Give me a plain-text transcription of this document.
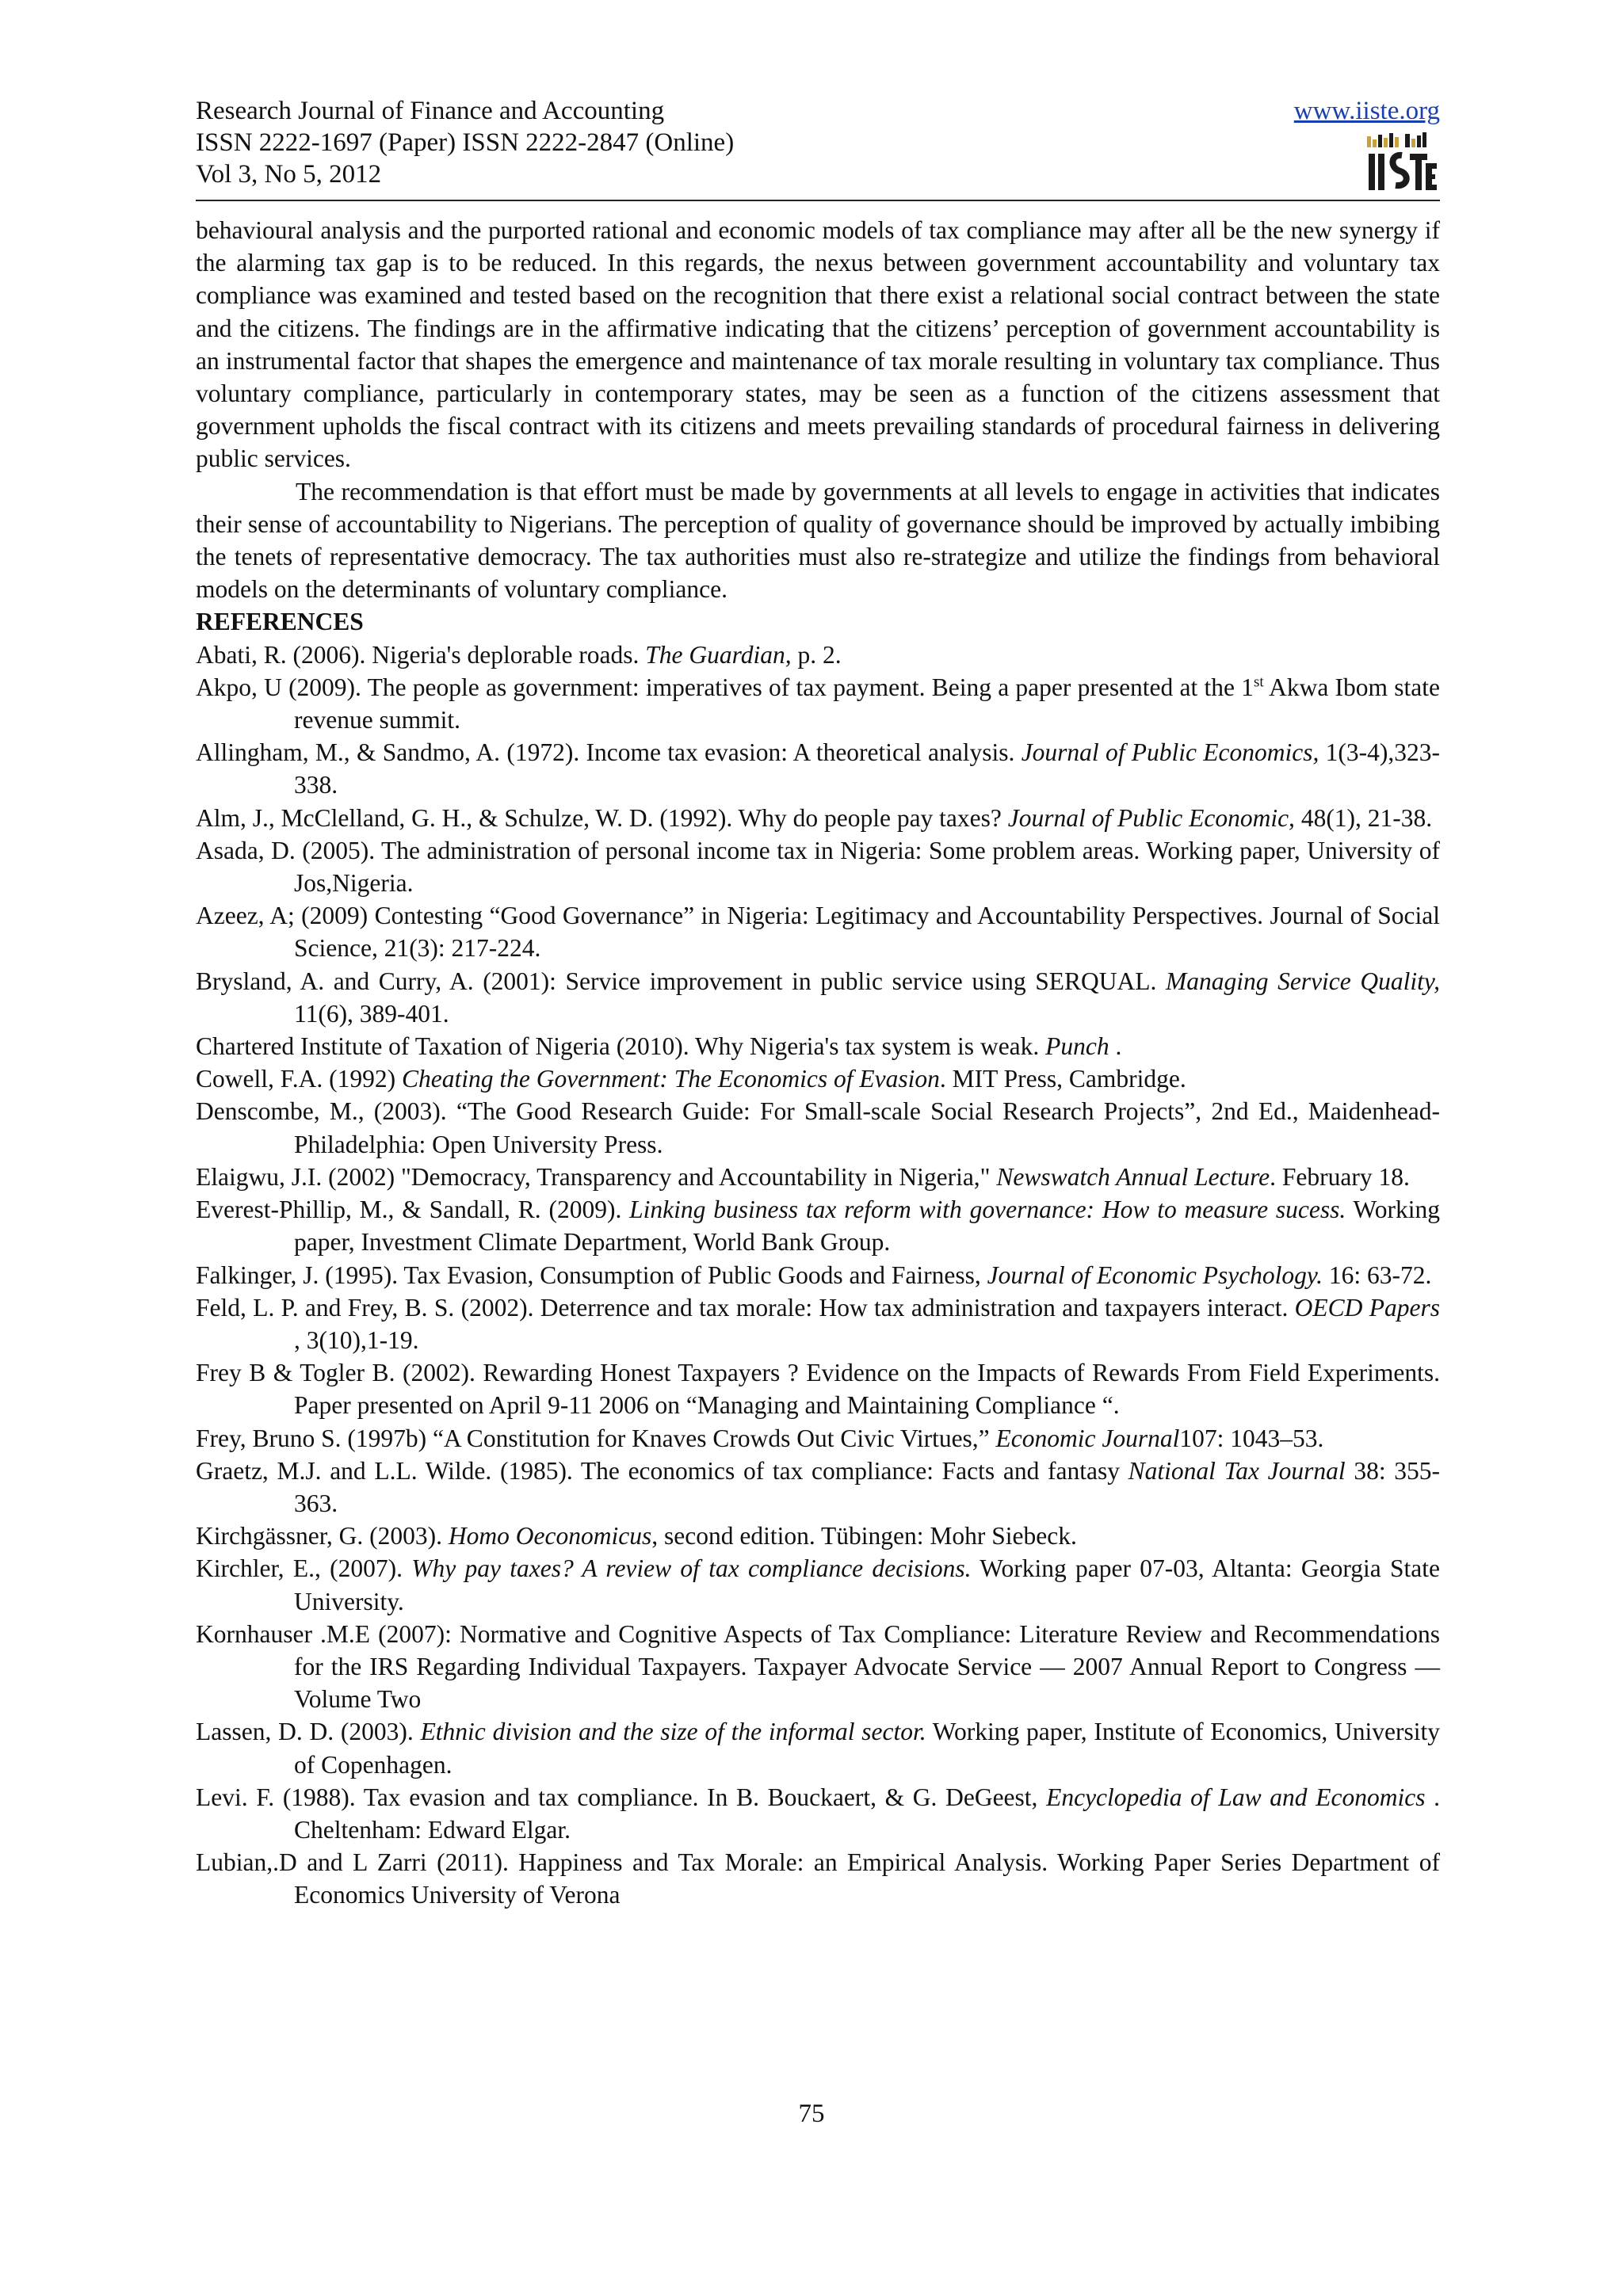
Research Journal of Finance and Accounting
ISSN 2222-1697 (Paper) ISSN 2222-2847 (Online)
Vol 3, No 5, 2012
www.iiste.org

behavioural analysis and the purported rational and economic models of tax compliance may after all be the new synergy if the alarming tax gap is to be reduced. In this regards, the nexus between government accountability and voluntary tax compliance was examined and tested based on the recognition that there exist a relational social contract between the state and the citizens. The findings are in the affirmative indicating that the citizens’ perception of government accountability is an instrumental factor that shapes the emergence and maintenance of tax morale resulting in voluntary tax compliance. Thus voluntary compliance, particularly in contemporary states, may be seen as a function of the citizens assessment that government upholds the fiscal contract with its citizens and meets prevailing standards of procedural fairness in delivering public services.

The recommendation is that effort must be made by governments at all levels to engage in activities that indicates their sense of accountability to Nigerians. The perception of quality of governance should be improved by actually imbibing the tenets of representative democracy. The tax authorities must also re-strategize and utilize the findings from behavioral models on the determinants of voluntary compliance.

REFERENCES

Abati, R. (2006). Nigeria's deplorable roads. The Guardian, p. 2.

Akpo, U (2009). The people as government: imperatives of tax payment. Being a paper presented at the 1st Akwa Ibom state revenue summit.

Allingham, M., & Sandmo, A. (1972). Income tax evasion: A theoretical analysis. Journal of Public Economics, 1(3-4),323-338.

Alm, J., McClelland, G. H., & Schulze, W. D. (1992). Why do people pay taxes? Journal of Public Economic, 48(1), 21-38.

Asada, D. (2005). The administration of personal income tax in Nigeria: Some problem areas. Working paper, University of Jos,Nigeria.

Azeez, A; (2009) Contesting “Good Governance” in Nigeria: Legitimacy and Accountability Perspectives. Journal of Social Science, 21(3): 217-224.

Brysland, A. and Curry, A. (2001): Service improvement in public service using SERQUAL. Managing Service Quality, 11(6), 389-401.

Chartered Institute of Taxation of Nigeria (2010). Why Nigeria's tax system is weak. Punch .

Cowell, F.A. (1992) Cheating the Government: The Economics of Evasion. MIT Press, Cambridge.

Denscombe, M., (2003). “The Good Research Guide: For Small-scale Social Research Projects”, 2nd Ed., Maidenhead-Philadelphia: Open University Press.

Elaigwu, J.I. (2002) "Democracy, Transparency and Accountability in Nigeria," Newswatch Annual Lecture. February 18.

Everest-Phillip, M., & Sandall, R. (2009). Linking business tax reform with governance: How to measure sucess. Working paper, Investment Climate Department, World Bank Group.

Falkinger, J. (1995). Tax Evasion, Consumption of Public Goods and Fairness, Journal of Economic Psychology. 16: 63-72.

Feld, L. P. and Frey, B. S. (2002). Deterrence and tax morale: How tax administration and taxpayers interact. OECD Papers , 3(10),1-19.

Frey B & Togler B. (2002). Rewarding Honest Taxpayers ? Evidence on the Impacts of Rewards From Field Experiments. Paper presented on April 9-11 2006 on “Managing and Maintaining Compliance “.

Frey, Bruno S. (1997b) “A Constitution for Knaves Crowds Out Civic Virtues,” Economic Journal107: 1043–53.

Graetz, M.J. and L.L. Wilde. (1985). The economics of tax compliance: Facts and fantasy National Tax Journal 38: 355-363.

Kirchgässner, G. (2003). Homo Oeconomicus, second edition. Tübingen: Mohr Siebeck.

Kirchler, E., (2007). Why pay taxes? A review of tax compliance decisions. Working paper 07-03, Altanta: Georgia State University.

Kornhauser .M.E (2007): Normative and Cognitive Aspects of Tax Compliance: Literature Review and Recommendations for the IRS Regarding Individual Taxpayers. Taxpayer Advocate Service — 2007 Annual Report to Congress — Volume Two

Lassen, D. D. (2003). Ethnic division and the size of the informal sector. Working paper, Institute of Economics, University of Copenhagen.

Levi. F. (1988). Tax evasion and tax compliance. In B. Bouckaert, & G. DeGeest, Encyclopedia of Law and Economics . Cheltenham: Edward Elgar.

Lubian,.D and L Zarri (2011). Happiness and Tax Morale: an Empirical Analysis. Working Paper Series Department of Economics University of Verona

75
